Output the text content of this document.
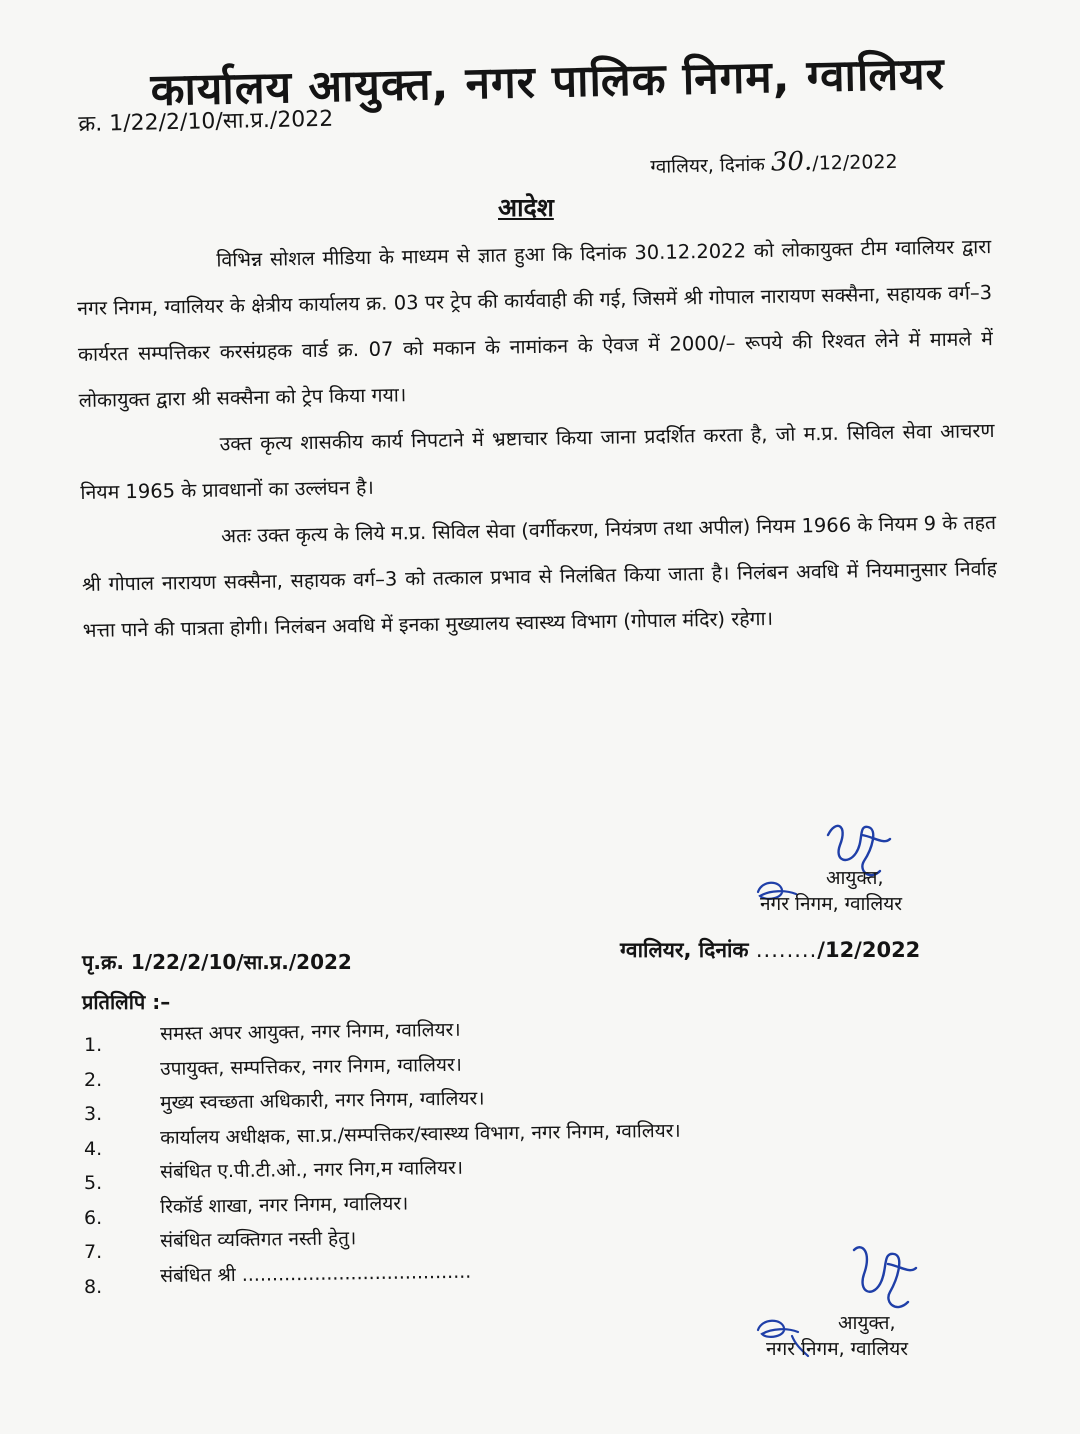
कार्यालय आयुक्त, नगर पालिक निगम, ग्वालियर
क्र. 1/22/2/10/सा.प्र./2022
ग्वालियर, दिनांक 30./12/2022
आदेश

विभिन्न सोशल मीडिया के माध्यम से ज्ञात हुआ कि दिनांक 30.12.2022 को लोकायुक्त टीम ग्वालियर द्वारा नगर निगम, ग्वालियर के क्षेत्रीय कार्यालय क्र. 03 पर ट्रेप की कार्यवाही की गई, जिसमें श्री गोपाल नारायण सक्सैना, सहायक वर्ग–3 कार्यरत सम्पत्तिकर करसंग्रहक वार्ड क्र. 07 को मकान के नामांकन के ऐवज में 2000/– रूपये की रिश्वत लेने में मामले में लोकायुक्त द्वारा श्री सक्सैना को ट्रेप किया गया।

उक्त कृत्य शासकीय कार्य निपटाने में भ्रष्टाचार किया जाना प्रदर्शित करता है, जो म.प्र. सिविल सेवा आचरण नियम 1965 के प्रावधानों का उल्लंघन है।

अतः उक्त कृत्य के लिये म.प्र. सिविल सेवा (वर्गीकरण, नियंत्रण तथा अपील) नियम 1966 के नियम 9 के तहत श्री गोपाल नारायण सक्सैना, सहायक वर्ग–3 को तत्काल प्रभाव से निलंबित किया जाता है। निलंबन अवधि में नियमानुसार निर्वाह भत्ता पाने की पात्रता होगी। निलंबन अवधि में इनका मुख्यालय स्वास्थ्य विभाग (गोपाल मंदिर) रहेगा।

आयुक्त,
नगर निगम, ग्वालियर
ग्वालियर, दिनांक ......../12/2022
पृ.क्र. 1/22/2/10/सा.प्र./2022
प्रतिलिपि :–
1.
समस्त अपर आयुक्त, नगर निगम, ग्वालियर।
2.
उपायुक्त, सम्पत्तिकर, नगर निगम, ग्वालियर।
3.
मुख्य स्वच्छता अधिकारी, नगर निगम, ग्वालियर।
4.
कार्यालय अधीक्षक, सा.प्र./सम्पत्तिकर/स्वास्थ्य विभाग, नगर निगम, ग्वालियर।
5.
संबंधित ए.पी.टी.ओ., नगर निग,म ग्वालियर।
6.
रिकॉर्ड शाखा, नगर निगम, ग्वालियर।
7.
संबंधित व्यक्तिगत नस्ती हेतु।
8.
संबंधित श्री ......................................
आयुक्त,
नगर निगम, ग्वालियर
